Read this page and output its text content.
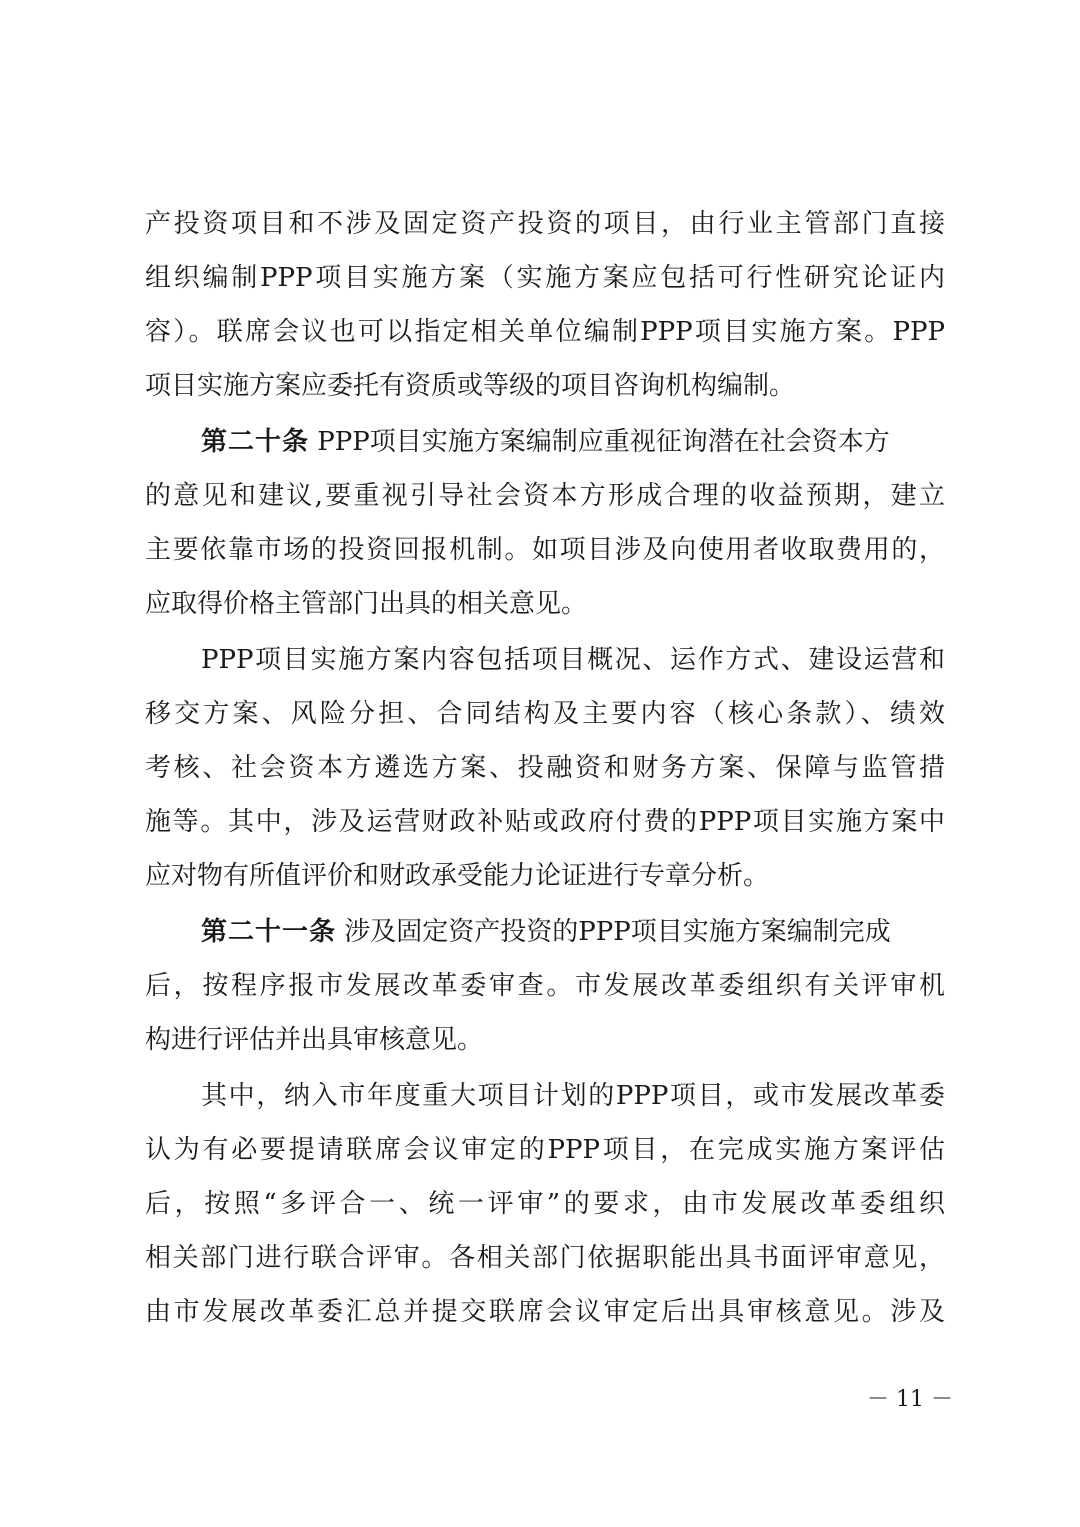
产投资项目和不涉及固定资产投资的项目，由行业主管部门直接
组织编制PPP项目实施方案（实施方案应包括可行性研究论证内
容）。联席会议也可以指定相关单位编制PPP项目实施方案。PPP
项目实施方案应委托有资质或等级的项目咨询机构编制。
第二十条 PPP项目实施方案编制应重视征询潜在社会资本方
的意见和建议,要重视引导社会资本方形成合理的收益预期，建立
主要依靠市场的投资回报机制。如项目涉及向使用者收取费用的，
应取得价格主管部门出具的相关意见。
PPP项目实施方案内容包括项目概况、运作方式、建设运营和
移交方案、风险分担、合同结构及主要内容（核心条款）、绩效
考核、社会资本方遴选方案、投融资和财务方案、保障与监管措
施等。其中，涉及运营财政补贴或政府付费的PPP项目实施方案中
应对物有所值评价和财政承受能力论证进行专章分析。
第二十一条 涉及固定资产投资的PPP项目实施方案编制完成
后，按程序报市发展改革委审查。市发展改革委组织有关评审机
构进行评估并出具审核意见。
其中，纳入市年度重大项目计划的PPP项目，或市发展改革委
认为有必要提请联席会议审定的PPP项目，在完成实施方案评估
后，按照“多评合一、统一评审”的要求，由市发展改革委组织
相关部门进行联合评审。各相关部门依据职能出具书面评审意见，
由市发展改革委汇总并提交联席会议审定后出具审核意见。涉及
－ 11 －
